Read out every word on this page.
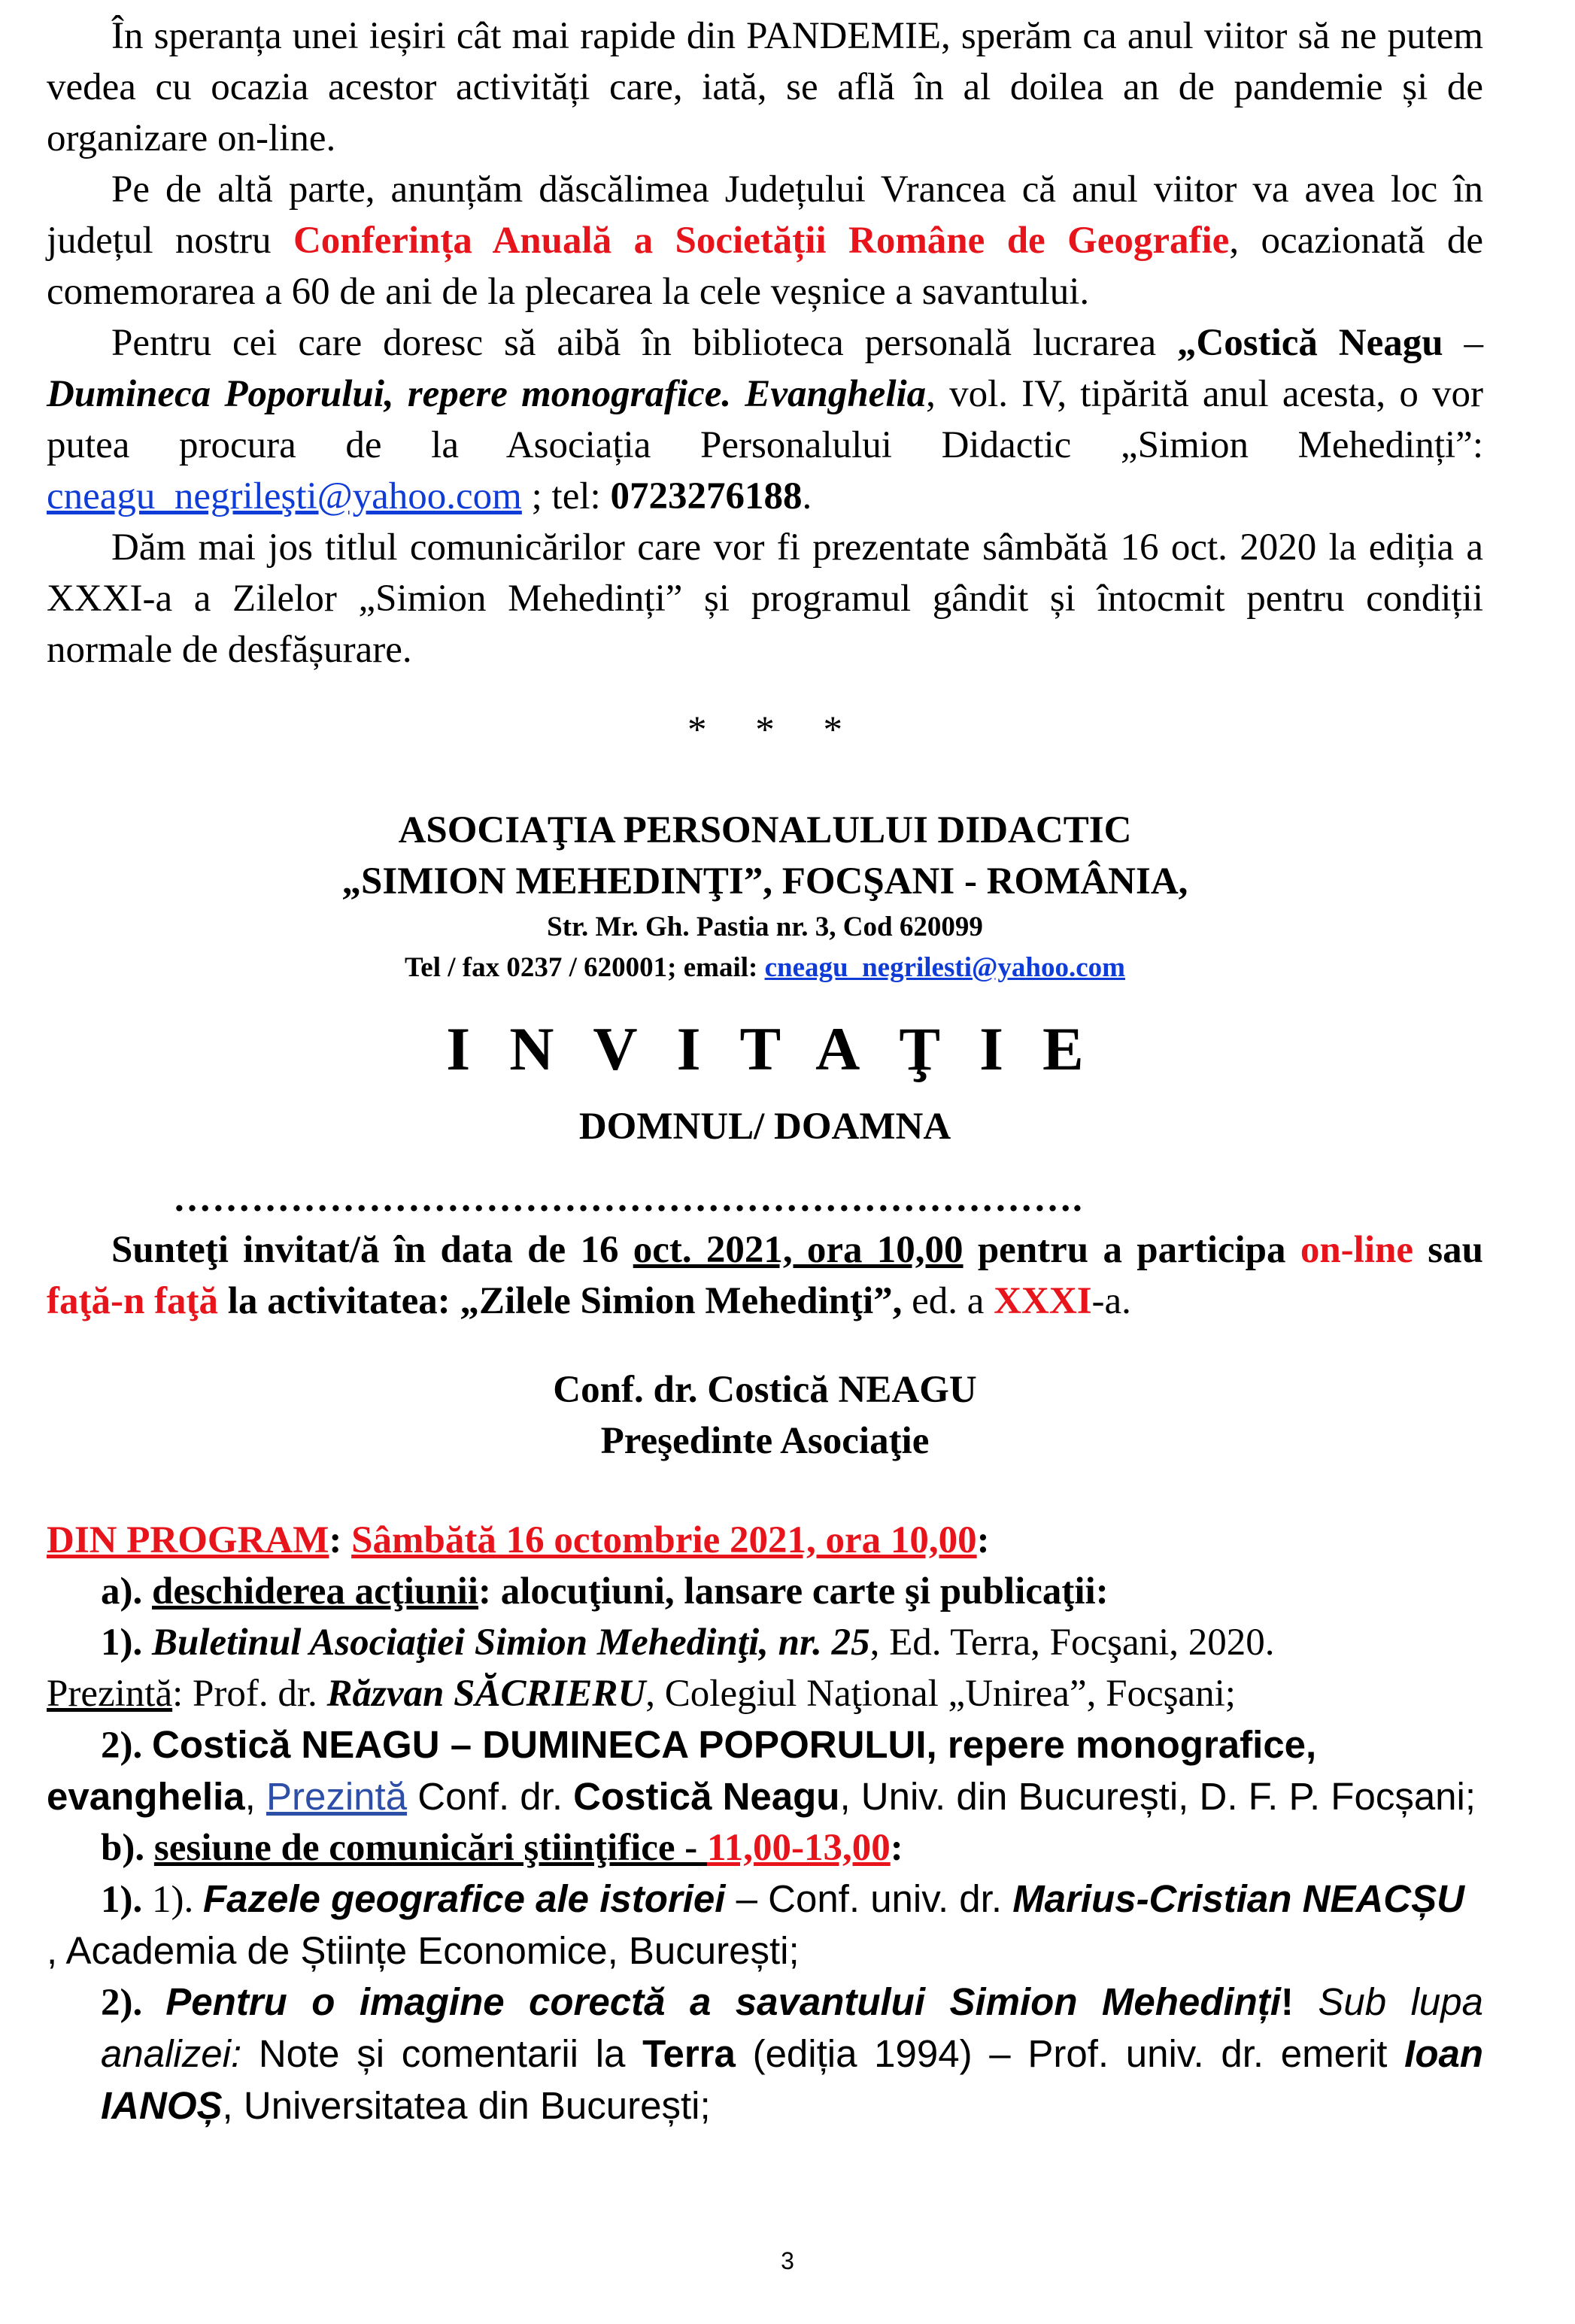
În speranța unei ieșiri cât mai rapide din PANDEMIE, sperăm ca anul viitor să ne putem vedea cu ocazia acestor activități care, iată, se află în al doilea an de pandemie și de organizare on-line.

Pe de altă parte, anunțăm dăscălimea Județului Vrancea că anul viitor va avea loc în județul nostru Conferința Anuală a Societății Române de Geografie, ocazionată de comemorarea a 60 de ani de la plecarea la cele veșnice a savantului.

Pentru cei care doresc să aibă în biblioteca personală lucrarea „Costică Neagu – Dumineca Poporului, repere monografice. Evanghelia, vol. IV, tipărită anul acesta, o vor putea procura de la Asociația Personalului Didactic „Simion Mehedinți”: cneagu_negrileşti@yahoo.com ; tel: 0723276188.

Dăm mai jos titlul comunicărilor care vor fi prezentate sâmbătă 16 oct. 2020 la ediția a XXXI-a a Zilelor „Simion Mehedinți” și programul gândit și întocmit pentru condiții normale de desfășurare.

* * *
ASOCIAŢIA PERSONALULUI DIDACTIC
„SIMION MEHEDINŢI”, FOCŞANI - ROMÂNIA,
Str. Mr. Gh. Pastia nr. 3, Cod 620099
Tel / fax 0237 / 620001; email: cneagu_negrilesti@yahoo.com
INVITAŢIE
DOMNUL/ DOAMNA
…………………………………………………………….

Sunteţi invitat/ă în data de 16 oct. 2021, ora 10,00 pentru a participa on-line sau faţă-n faţă la activitatea: „Zilele Simion Mehedinţi”, ed. a XXXI-a.

Conf. dr. Costică NEAGU
Preşedinte Asociaţie

DIN PROGRAM: Sâmbătă 16 octombrie 2021, ora 10,00:

a). deschiderea acţiunii: alocuţiuni, lansare carte şi publicaţii:

1). Buletinul Asociaţiei Simion Mehedinţi, nr. 25, Ed. Terra, Focşani, 2020.

Prezintă: Prof. dr. Răzvan SĂCRIERU, Colegiul Naţional „Unirea”, Focşani;

2). Costică NEAGU – DUMINECA POPORULUI, repere monografice,

evanghelia, Prezintă Conf. dr. Costică Neagu, Univ. din București, D. F. P. Focșani;

b). sesiune de comunicări ştiinţifice - 11,00-13,00:

1). 1). Fazele geografice ale istoriei – Conf. univ. dr. Marius-Cristian NEACȘU

, Academia de Științe Economice, București;

2). Pentru o imagine corectă a savantului Simion Mehedinți! Sub lupa analizei: Note și comentarii la Terra (ediția 1994) – Prof. univ. dr. emerit Ioan IANOȘ, Universitatea din București;

3
